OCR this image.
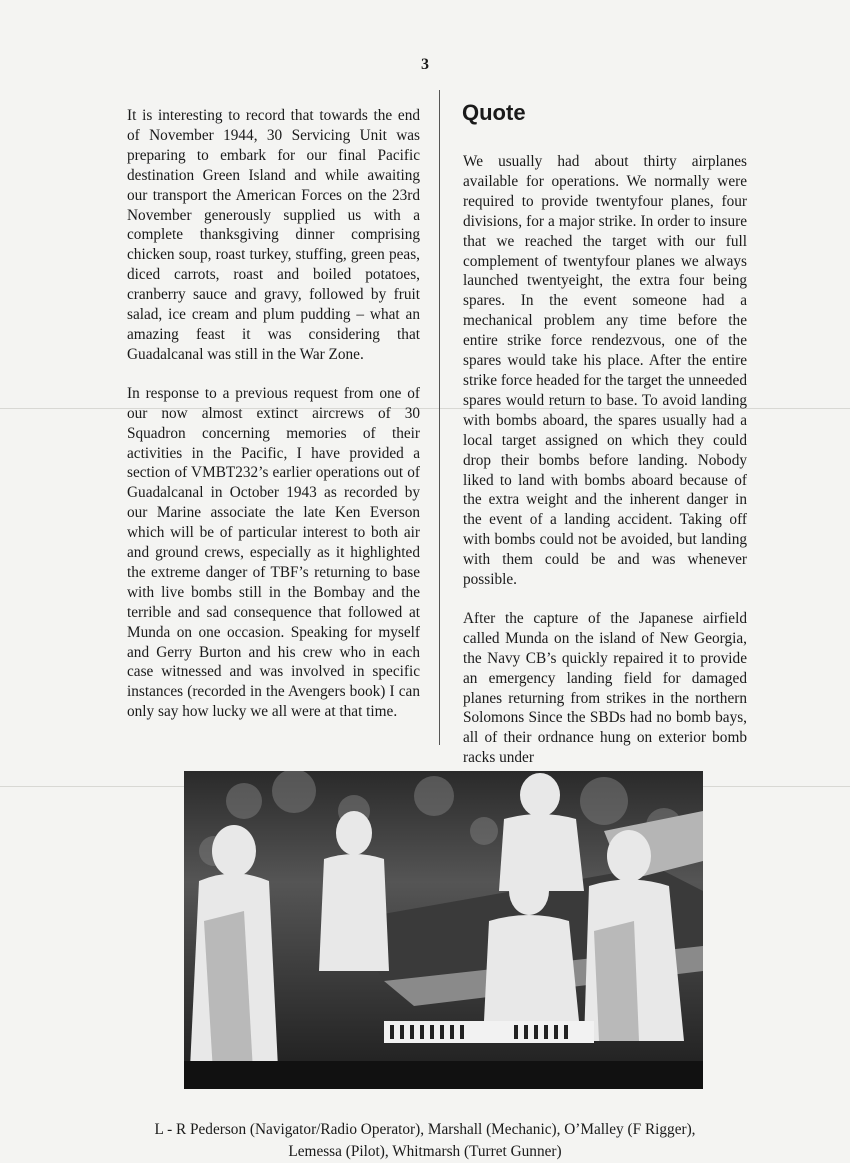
3

It is interesting to record that towards the end of November 1944, 30 Servicing Unit was preparing to embark for our final Pacific destination Green Island and while awaiting our transport the American Forces on the 23rd November generously supplied us with a complete thanksgiving dinner comprising chicken soup, roast turkey, stuffing, green peas, diced carrots, roast and boiled potatoes, cranberry sauce and gravy, followed by fruit salad, ice cream and plum pudding – what an amazing feast it was considering that Guadalcanal was still in the War Zone.

In response to a previous request from one of our now almost extinct aircrews of 30 Squadron concerning memories of their activities in the Pacific, I have provided a section of VMBT232’s earlier operations out of Guadalcanal in October 1943 as recorded by our Marine associate the late Ken Everson which will be of particular interest to both air and ground crews, especially as it highlighted the extreme danger of TBF’s returning to base with live bombs still in the Bombay and the terrible and sad consequence that followed at Munda on one occasion. Speaking for myself and Gerry Burton and his crew who in each case witnessed and was involved in specific instances (recorded in the Avengers book) I can only say how lucky we all were at that time.

Quote

We usually had about thirty airplanes available for operations. We normally were required to provide twentyfour planes, four divisions, for a major strike. In order to insure that we reached the target with our full complement of twentyfour planes we always launched twentyeight, the extra four being spares. In the event someone had a mechanical problem any time before the entire strike force rendezvous, one of the spares would take his place. After the entire strike force headed for the target the unneeded spares would return to base. To avoid landing with bombs aboard, the spares usually had a local target assigned on which they could drop their bombs before landing. Nobody liked to land with bombs aboard because of the extra weight and the inherent danger in the event of a landing accident. Taking off with bombs could not be avoided, but landing with them could be and was whenever possible.

After the capture of the Japanese airfield called Munda on the island of New Georgia, the Navy CB’s quickly repaired it to provide an emergency landing field for damaged planes returning from strikes in the northern Solomons Since the SBDs had no bomb bays, all of their ordnance hung on exterior bomb racks under

L - R Pederson (Navigator/Radio Operator), Marshall (Mechanic), O’Malley (F Rigger),
Lemessa (Pilot), Whitmarsh (Turret Gunner)
